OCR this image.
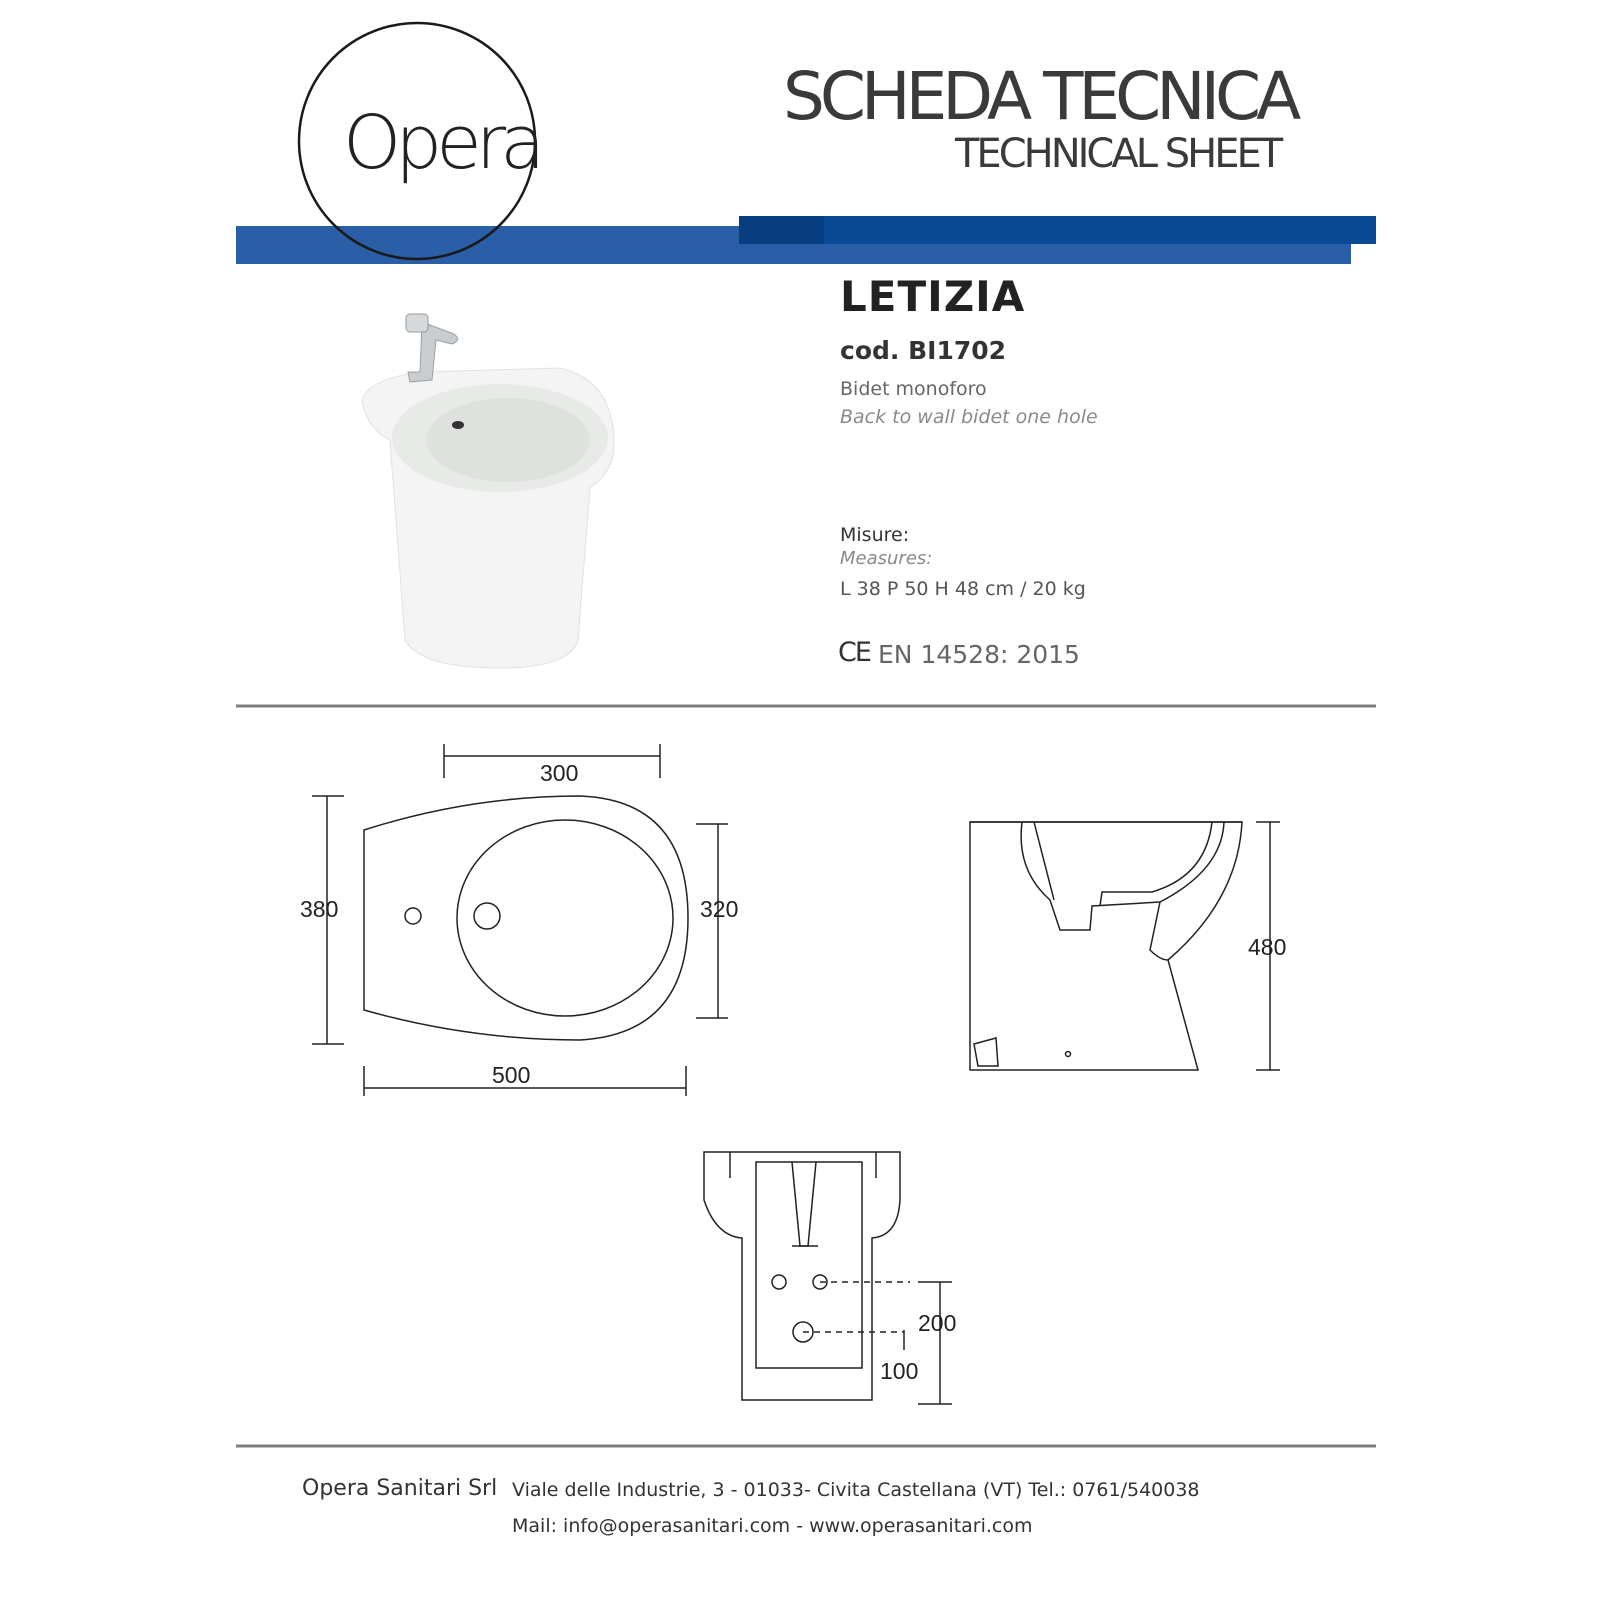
Opera
SCHEDA TECNICA
TECHNICAL SHEET
LETIZIA
cod. BI1702
Bidet monoforo
Back to wall bidet one hole
Misure:
Measures:
L 38 P 50 H 48 cm / 20 kg
CE EN 14528: 2015
300
380	320
500
480
200
100
Opera Sanitari Srl Viale delle Industrie, 3 - 01033- Civita Castellana (VT) Tel.: 0761/540038
Mail: info@operasanitari.com - www.operasanitari.com
